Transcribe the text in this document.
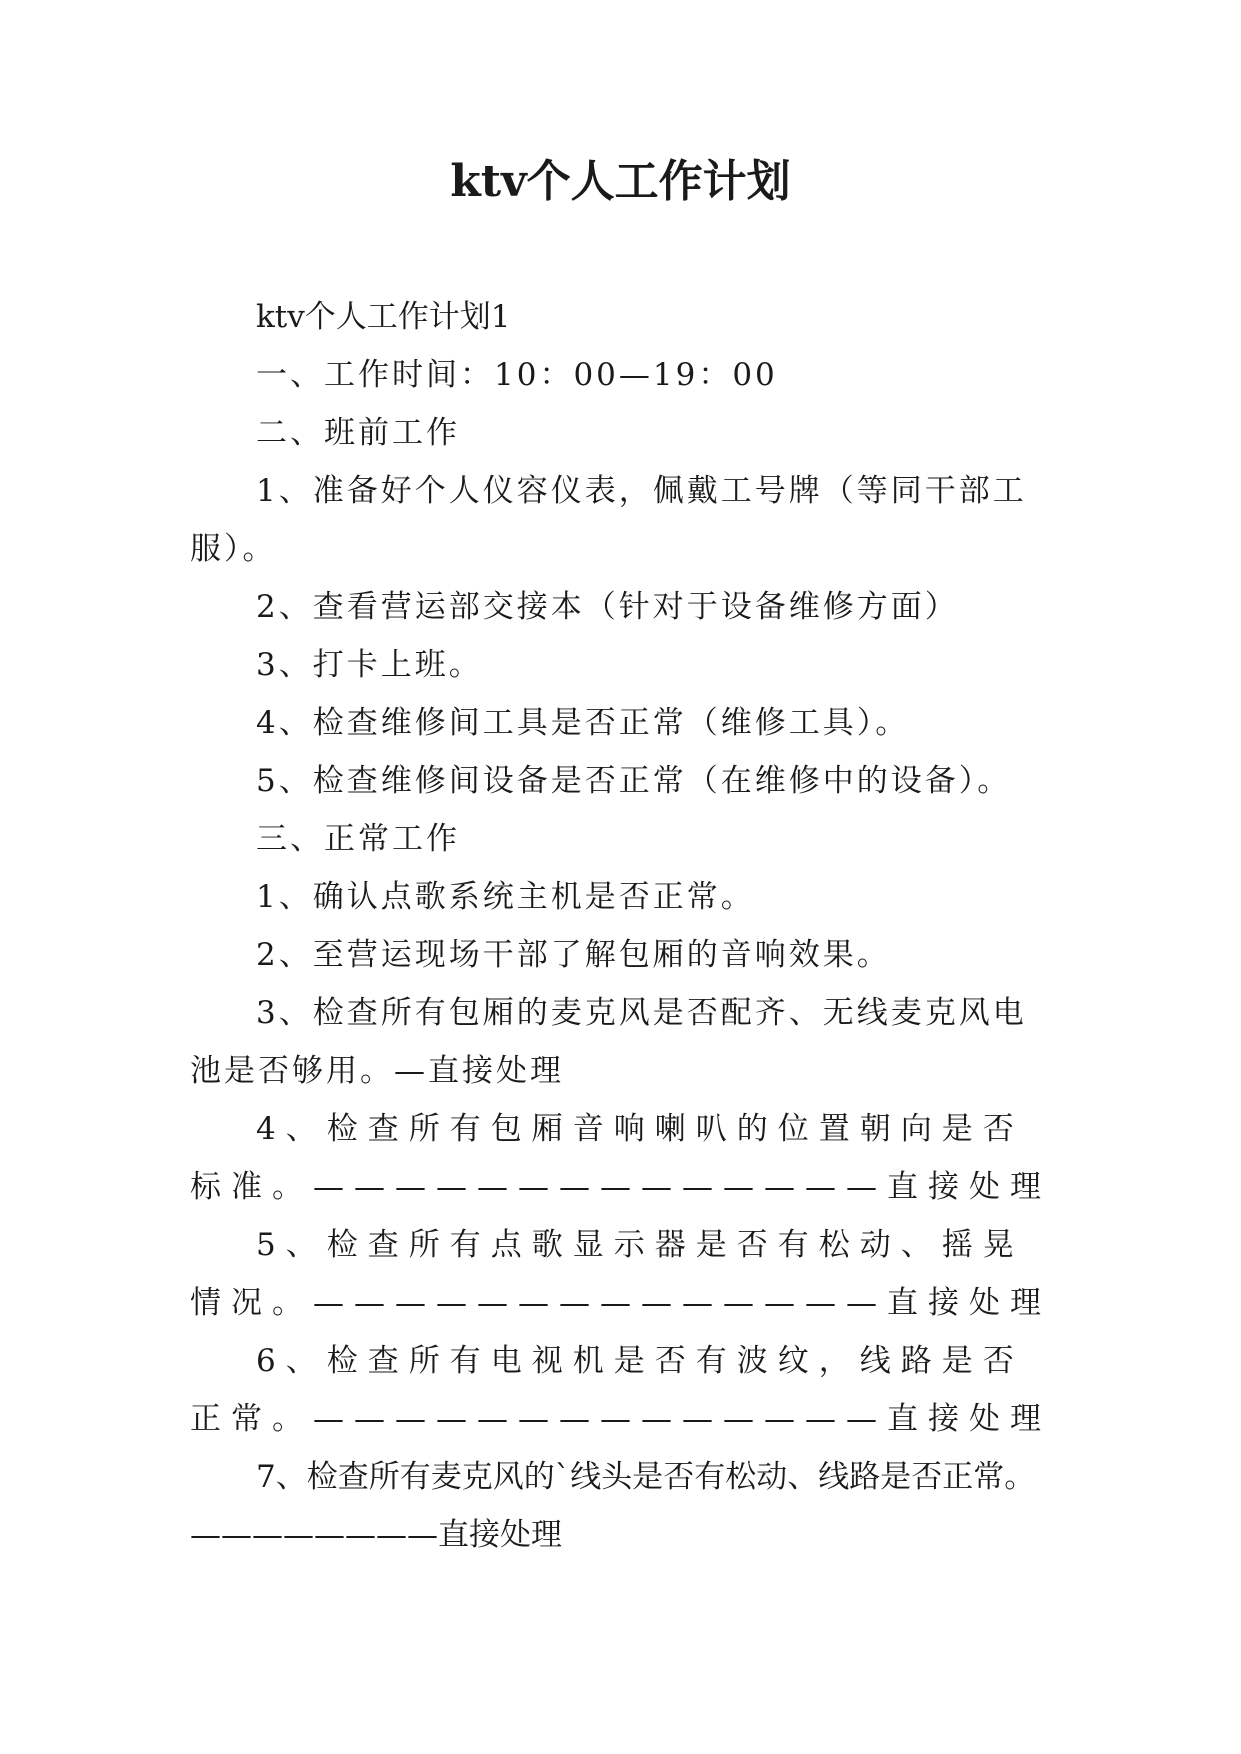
ktv个人工作计划

ktv个人工作计划1

一、工作时间：10：00—19：00

二、班前工作

1、准备好个人仪容仪表，佩戴工号牌（等同干部工服）。

2、查看营运部交接本（针对于设备维修方面）

3、打卡上班。

4、检查维修间工具是否正常（维修工具）。

5、检查维修间设备是否正常（在维修中的设备）。

三、正常工作

1、确认点歌系统主机是否正常。

2、至营运现场干部了解包厢的音响效果。

3、检查所有包厢的麦克风是否配齐、无线麦克风电池是否够用。—直接处理

4、检查所有包厢音响喇叭的位置朝向是否标准。——————————————直接处理

5、检查所有点歌显示器是否有松动、摇晃情况。——————————————直接处理

6、检查所有电视机是否有波纹，线路是否正常。——————————————直接处理

7、检查所有麦克风的`线头是否有松动、线路是否正常。————————直接处理
